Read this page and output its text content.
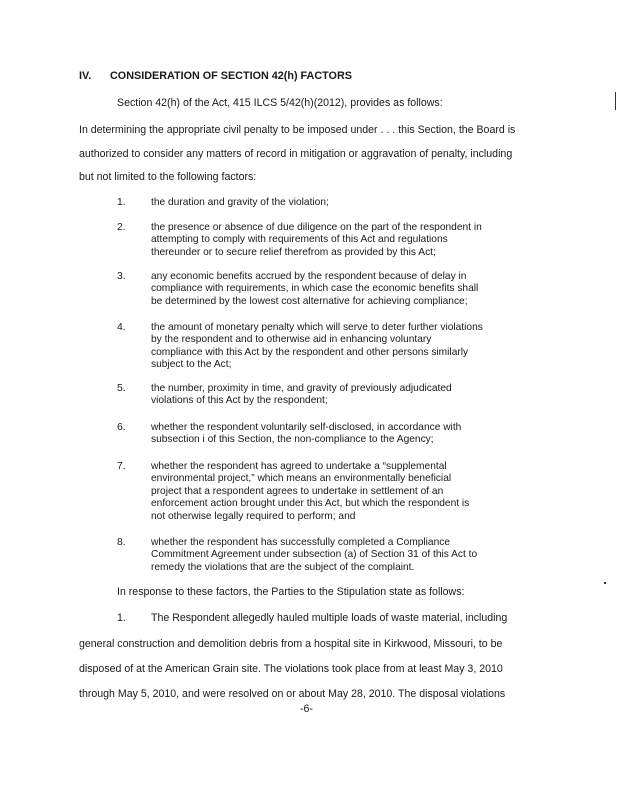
IV. CONSIDERATION OF SECTION 42(h) FACTORS
Section 42(h) of the Act, 415 ILCS 5/42(h)(2012), provides as follows:
In determining the appropriate civil penalty to be imposed under . . . this Section, the Board is
authorized to consider any matters of record in mitigation or aggravation of penalty, including
but not limited to the following factors:
1. the duration and gravity of the violation;
2. the presence or absence of due diligence on the part of the respondent in
attempting to comply with requirements of this Act and regulations
thereunder or to secure relief therefrom as provided by this Act;
3. any economic benefits accrued by the respondent because of delay in
compliance with requirements, in which case the economic benefits shall
be determined by the lowest cost alternative for achieving compliance;
4. the amount of monetary penalty which will serve to deter further violations
by the respondent and to otherwise aid in enhancing voluntary
compliance with this Act by the respondent and other persons similarly
subject to the Act;
5. the number, proximity in time, and gravity of previously adjudicated
violations of this Act by the respondent;
6. whether the respondent voluntarily self-disclosed, in accordance with
subsection i of this Section, the non-compliance to the Agency;
7. whether the respondent has agreed to undertake a “supplemental
environmental project,” which means an environmentally beneficial
project that a respondent agrees to undertake in settlement of an
enforcement action brought under this Act, but which the respondent is
not otherwise legally required to perform; and
8. whether the respondent has successfully completed a Compliance
Commitment Agreement under subsection (a) of Section 31 of this Act to
remedy the violations that are the subject of the complaint.
In response to these factors, the Parties to the Stipulation state as follows:
1. The Respondent allegedly hauled multiple loads of waste material, including
general construction and demolition debris from a hospital site in Kirkwood, Missouri, to be
disposed of at the American Grain site. The violations took place from at least May 3, 2010
through May 5, 2010, and were resolved on or about May 28, 2010. The disposal violations
-6-
